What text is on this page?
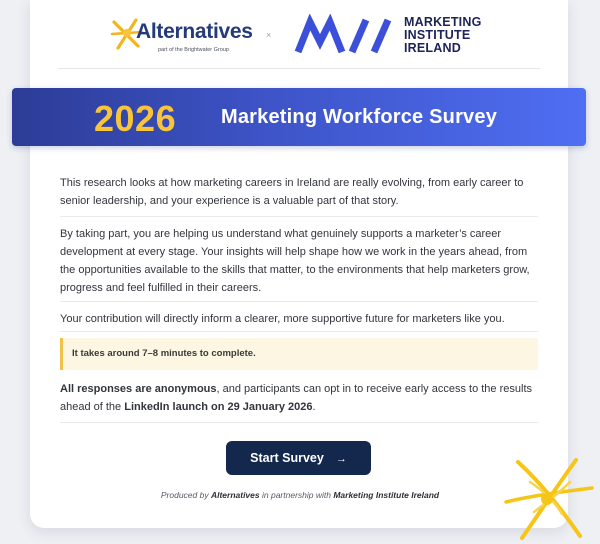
Alternatives
part of the Brightwater Group
×
MARKETING
INSTITUTE
IRELAND
2026 Marketing Workforce Survey

This research looks at how marketing careers in Ireland are really evolving, from early career to senior leadership, and your experience is a valuable part of that story.

By taking part, you are helping us understand what genuinely supports a marketer’s career development at every stage. Your insights will help shape how we work in the years ahead, from the opportunities available to the skills that matter, to the environments that help marketers grow, progress and feel fulfilled in their careers.

Your contribution will directly inform a clearer, more supportive future for marketers like you.

It takes around 7–8 minutes to complete.

All responses are anonymous, and participants can opt in to receive early access to the results ahead of the LinkedIn launch on 29 January 2026.

Start Survey →
Produced by Alternatives in partnership with Marketing Institute Ireland
